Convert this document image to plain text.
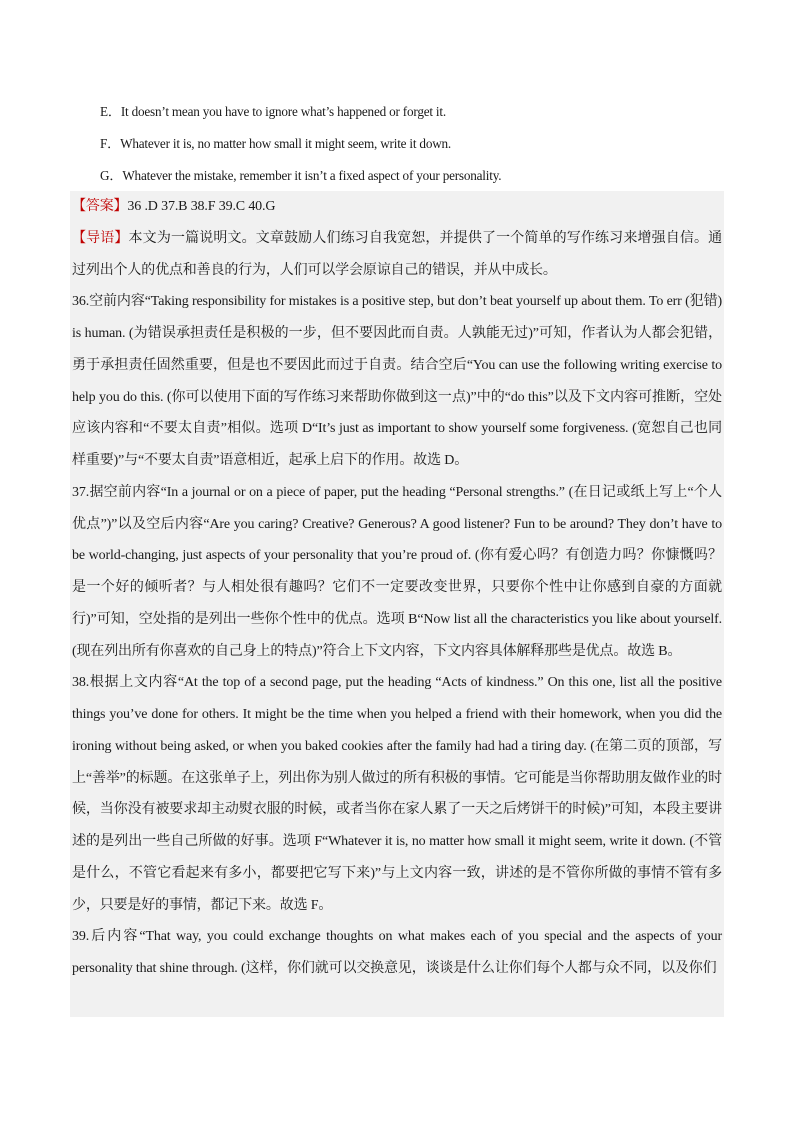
E．It doesn’t mean you have to ignore what’s happened or forget it.
F．Whatever it is, no matter how small it might seem, write it down.
G．Whatever the mistake, remember it isn’t a fixed aspect of your personality.

【答案】36 .D 37.B 38.F 39.C 40.G

【导语】本文为一篇说明文。文章鼓励人们练习自我宽恕，并提供了一个简单的写作练习来增强自信。通过列出个人的优点和善良的行为，人们可以学会原谅自己的错误，并从中成长。

36.空前内容“Taking responsibility for mistakes is a positive step, but don’t beat yourself up about them. To err (犯错) is human. (为错误承担责任是积极的一步，但不要因此而自责。人孰能无过)”可知，作者认为人都会犯错，勇于承担责任固然重要，但是也不要因此而过于自责。结合空后“You can use the following writing exercise to help you do this. (你可以使用下面的写作练习来帮助你做到这一点)”中的“do this”以及下文内容可推断，空处应该内容和“不要太自责”相似。选项 D“It’s just as important to show yourself some forgiveness. (宽恕自己也同样重要)”与“不要太自责”语意相近，起承上启下的作用。故选 D。

37.据空前内容“In a journal or on a piece of paper, put the heading “Personal strengths.” (在日记或纸上写上“个人优点”)”以及空后内容“Are you caring? Creative? Generous? A good listener? Fun to be around? They don’t have to be world-changing, just aspects of your personality that you’re proud of. (你有爱心吗？有创造力吗？你慷慨吗？是一个好的倾听者？与人相处很有趣吗？它们不一定要改变世界，只要你个性中让你感到自豪的方面就行)”可知，空处指的是列出一些你个性中的优点。选项 B“Now list all the characteristics you like about yourself. (现在列出所有你喜欢的自己身上的特点)”符合上下文内容，下文内容具体解释那些是优点。故选 B。

38.根据上文内容“At the top of a second page, put the heading “Acts of kindness.” On this one, list all the positive things you’ve done for others. It might be the time when you helped a friend with their homework, when you did the ironing without being asked, or when you baked cookies after the family had had a tiring day. (在第二页的顶部，写上“善举”的标题。在这张单子上，列出你为别人做过的所有积极的事情。它可能是当你帮助朋友做作业的时候，当你没有被要求却主动熨衣服的时候，或者当你在家人累了一天之后烤饼干的时候)”可知，本段主要讲述的是列出一些自己所做的好事。选项 F“Whatever it is, no matter how small it might seem, write it down. (不管是什么，不管它看起来有多小，都要把它写下来)”与上文内容一致，讲述的是不管你所做的事情不管有多少，只要是好的事情，都记下来。故选 F。

39.后内容“That way, you could exchange thoughts on what makes each of you special and the aspects of your personality that shine through. (这样，你们就可以交换意见，谈谈是什么让你们每个人都与众不同，以及你们
